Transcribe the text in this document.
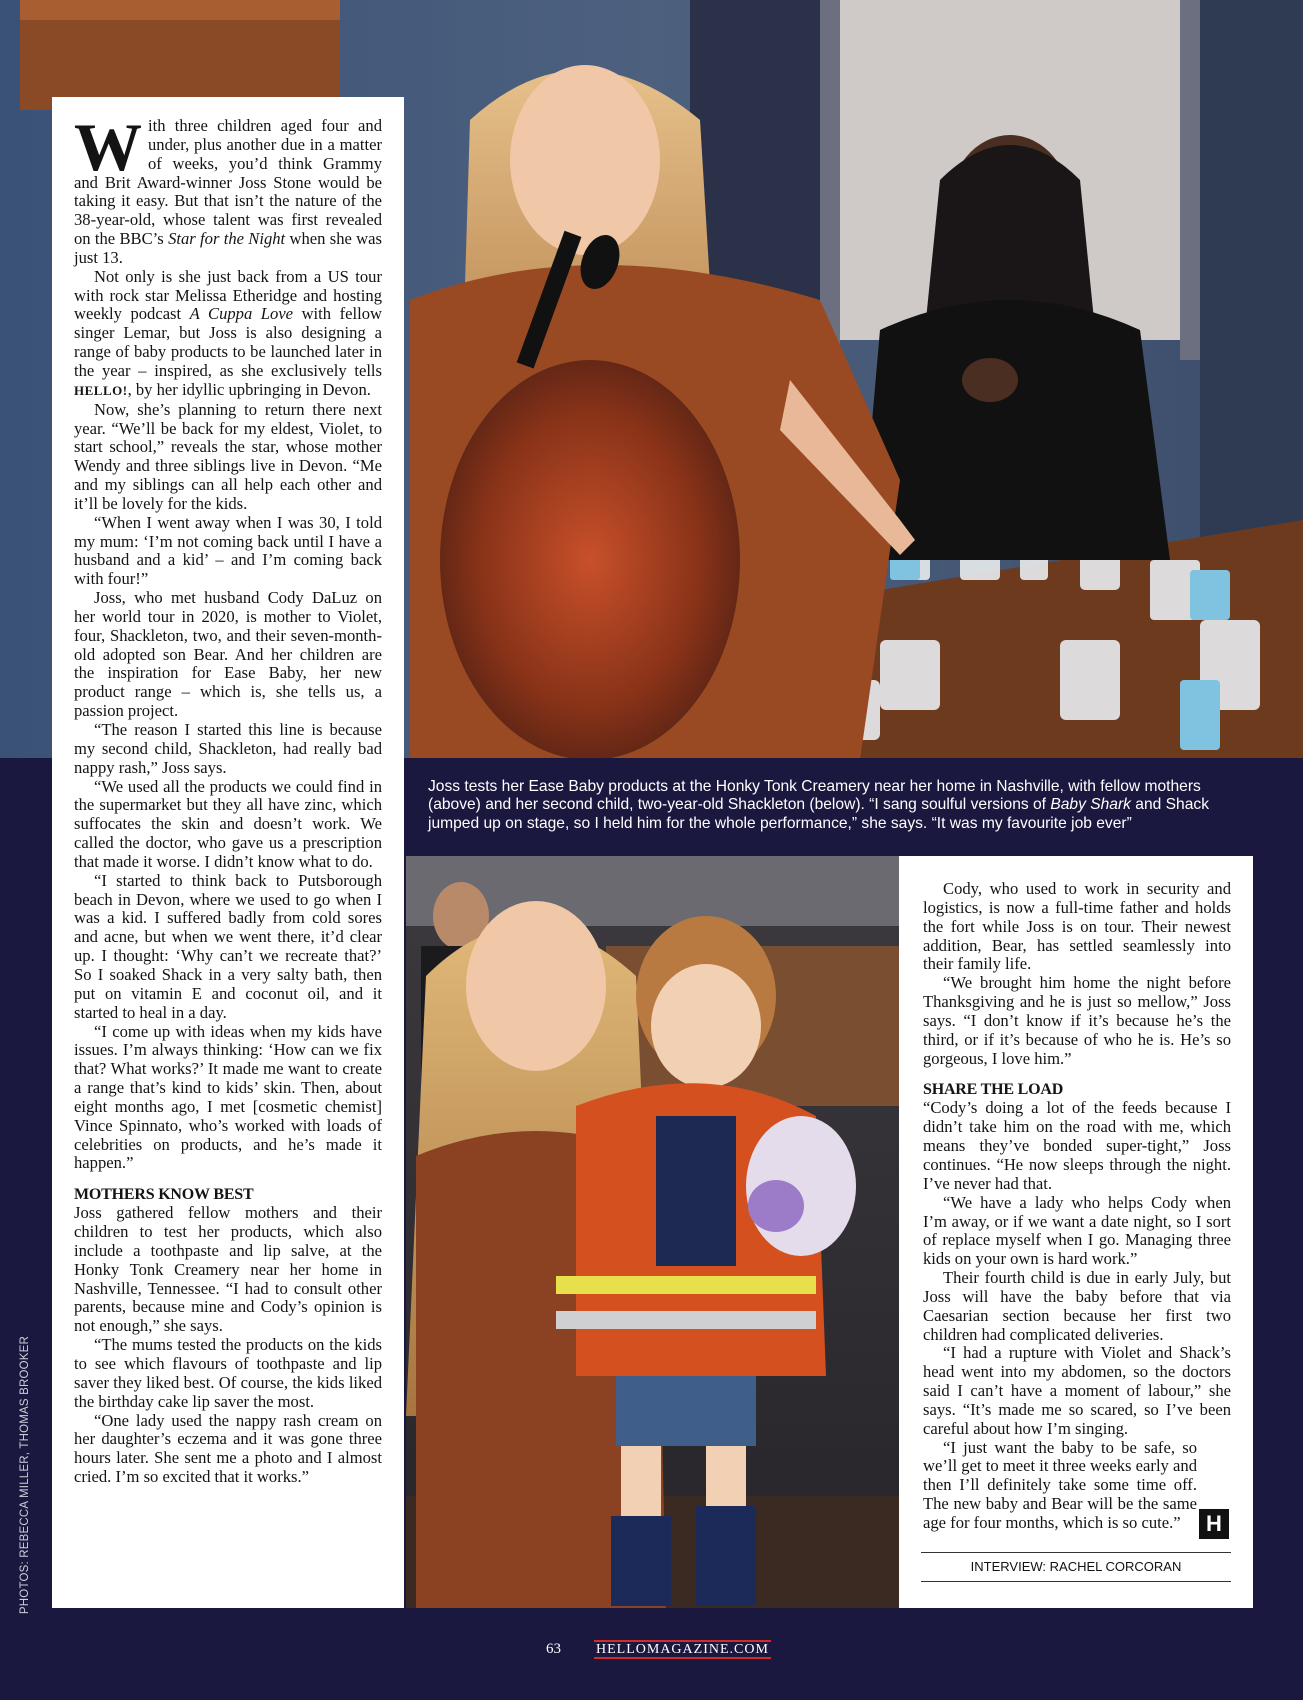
Joss tests her Ease Baby products at the Honky Tonk Creamery near her home in Nashville, with fellow mothers (above) and her second child, two-year-old Shackleton (below). “I sang soulful versions of Baby Shark and Shack jumped up on stage, so I held him for the whole performance,” she says. “It was my favourite job ever”

With three children aged four and under, plus another due in a matter of weeks, you’d think Grammy and Brit Award-winner Joss Stone would be taking it easy. But that isn’t the nature of the 38-year-old, whose talent was first revealed on the BBC’s Star for the Night when she was just 13.

Not only is she just back from a US tour with rock star Melissa Etheridge and hosting weekly podcast A Cuppa Love with fellow singer Lemar, but Joss is also designing a range of baby products to be launched later in the year – inspired, as she exclusively tells HELLO!, by her idyllic upbringing in Devon.

Now, she’s planning to return there next year. “We’ll be back for my eldest, Violet, to start school,” reveals the star, whose mother Wendy and three siblings live in Devon. “Me and my siblings can all help each other and it’ll be lovely for the kids.

“When I went away when I was 30, I told my mum: ‘I’m not coming back until I have a husband and a kid’ – and I’m coming back with four!”

Joss, who met husband Cody DaLuz on her world tour in 2020, is mother to Violet, four, Shackleton, two, and their seven-month-old adopted son Bear. And her children are the inspiration for Ease Baby, her new product range – which is, she tells us, a passion project.

“The reason I started this line is because my second child, Shackleton, had really bad nappy rash,” Joss says.

“We used all the products we could find in the supermarket but they all have zinc, which suffocates the skin and doesn’t work. We called the doctor, who gave us a prescription that made it worse. I didn’t know what to do.

“I started to think back to Putsborough beach in Devon, where we used to go when I was a kid. I suffered badly from cold sores and acne, but when we went there, it’d clear up. I thought: ‘Why can’t we recreate that?’ So I soaked Shack in a very salty bath, then put on vitamin E and coconut oil, and it started to heal in a day.

“I come up with ideas when my kids have issues. I’m always thinking: ‘How can we fix that? What works?’ It made me want to create a range that’s kind to kids’ skin. Then, about eight months ago, I met [cosmetic chemist] Vince Spinnato, who’s worked with loads of celebrities on products, and he’s made it happen.”

MOTHERS KNOW BEST

Joss gathered fellow mothers and their children to test her products, which also include a toothpaste and lip salve, at the Honky Tonk Creamery near her home in Nashville, Tennessee. “I had to consult other parents, because mine and Cody’s opinion is not enough,” she says.

“The mums tested the products on the kids to see which flavours of toothpaste and lip saver they liked best. Of course, the kids liked the birthday cake lip saver the most.

“One lady used the nappy rash cream on her daughter’s eczema and it was gone three hours later. She sent me a photo and I almost cried. I’m so excited that it works.”

Cody, who used to work in security and logistics, is now a full-time father and holds the fort while Joss is on tour. Their newest addition, Bear, has settled seamlessly into their family life.

“We brought him home the night before Thanksgiving and he is just so mellow,” Joss says. “I don’t know if it’s because he’s the third, or if it’s because of who he is. He’s so gorgeous, I love him.”

SHARE THE LOAD

“Cody’s doing a lot of the feeds because I didn’t take him on the road with me, which means they’ve bonded super-tight,” Joss continues. “He now sleeps through the night. I’ve never had that.

“We have a lady who helps Cody when I’m away, or if we want a date night, so I sort of replace myself when I go. Managing three kids on your own is hard work.”

Their fourth child is due in early July, but Joss will have the baby before that via Caesarian section because her first two children had complicated deliveries.

“I had a rupture with Violet and Shack’s head went into my abdomen, so the doctors said I can’t have a moment of labour,” she says. “It’s made me so scared, so I’ve been careful about how I’m singing.

“I just want the baby to be safe, so we’ll get to meet it three weeks early and then I’ll definitely take some time off. The new baby and Bear will be the same age for four months, which is so cute.”	H
INTERVIEW: RACHEL CORCORAN
PHOTOS: REBECCA MILLER, THOMAS BROOKER
63	HELLOMAGAZINE.COM
